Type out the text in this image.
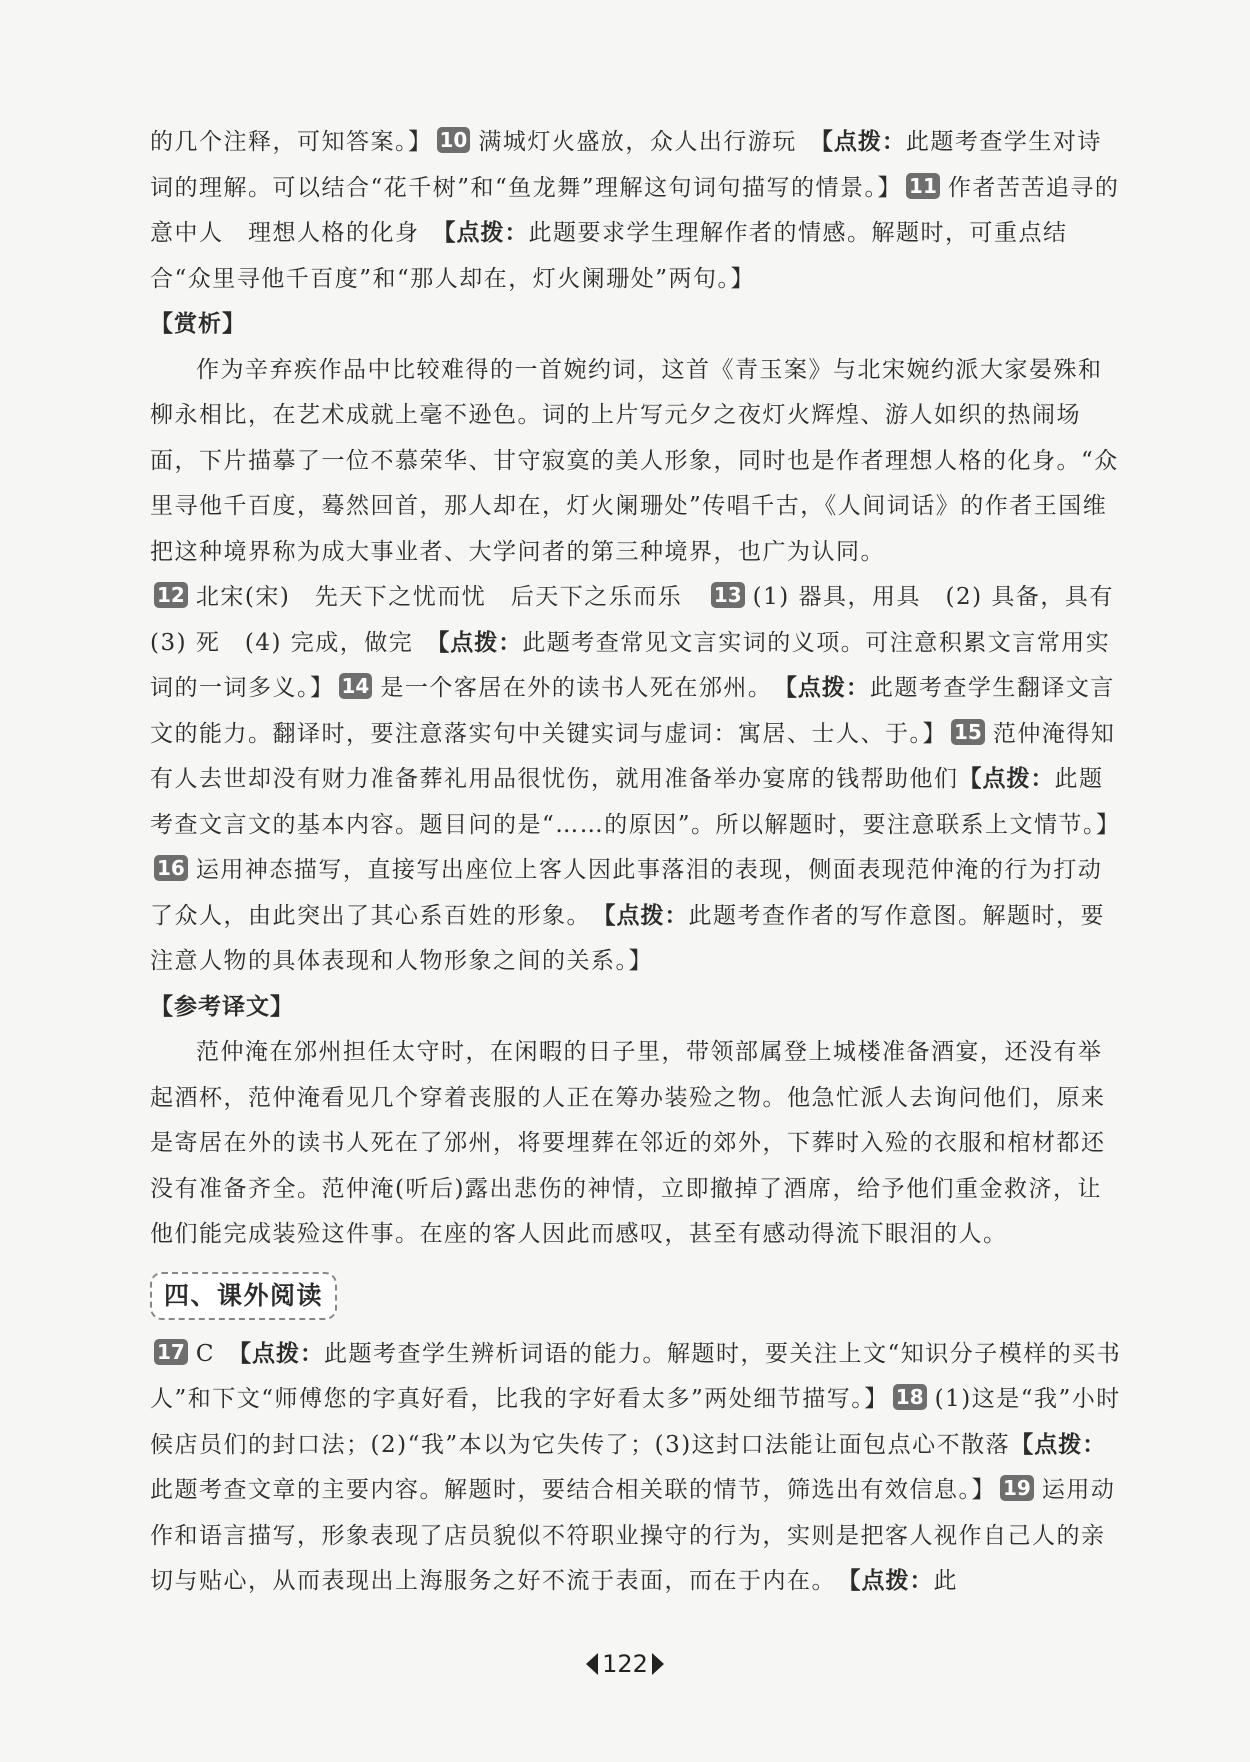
的几个注释，可知答案。】 10 满城灯火盛放，众人出行游玩　 【点拨：此题考查学生对诗词的理解。可以结合“花千树”和“鱼龙舞”理解这句词句描写的情景。】 11 作者苦苦追寻的意中人　理想人格的化身　 【点拨：此题要求学生理解作者的情感。解题时，可重点结合“众里寻他千百度”和“那人却在，灯火阑珊处”两句。】

【赏析】

作为辛弃疾作品中比较难得的一首婉约词，这首《青玉案》与北宋婉约派大家晏殊和柳永相比，在艺术成就上毫不逊色。词的上片写元夕之夜灯火辉煌、游人如织的热闹场面，下片描摹了一位不慕荣华、甘守寂寞的美人形象，同时也是作者理想人格的化身。“众里寻他千百度，蓦然回首，那人却在，灯火阑珊处”传唱千古，《人间词话》的作者王国维把这种境界称为成大事业者、大学问者的第三种境界，也广为认同。

12 北宋(宋)　先天下之忧而忧　后天下之乐而乐　 13 (1) 器具，用具　(2) 具备，具有　(3) 死　(4) 完成，做完　 【点拨：此题考查常见文言实词的义项。可注意积累文言常用实词的一词多义。】 14 是一个客居在外的读书人死在邠州。　 【点拨：此题考查学生翻译文言文的能力。翻译时，要注意落实句中关键实词与虚词：寓居、士人、于。】 15 范仲淹得知有人去世却没有财力准备葬礼用品很忧伤，就用准备举办宴席的钱帮助他们【点拨：此题考查文言文的基本内容。题目问的是“……的原因”。所以解题时，要注意联系上文情节。】16 运用神态描写，直接写出座位上客人因此事落泪的表现，侧面表现范仲淹的行为打动了众人，由此突出了其心系百姓的形象。　 【点拨：此题考查作者的写作意图。解题时，要注意人物的具体表现和人物形象之间的关系。】

【参考译文】

范仲淹在邠州担任太守时，在闲暇的日子里，带领部属登上城楼准备酒宴，还没有举起酒杯，范仲淹看见几个穿着丧服的人正在筹办装殓之物。他急忙派人去询问他们，原来是寄居在外的读书人死在了邠州，将要埋葬在邻近的郊外，下葬时入殓的衣服和棺材都还没有准备齐全。范仲淹(听后)露出悲伤的神情，立即撤掉了酒席，给予他们重金救济，让他们能完成装殓这件事。在座的客人因此而感叹，甚至有感动得流下眼泪的人。

四、课外阅读

17 C　 【点拨：此题考查学生辨析词语的能力。解题时，要关注上文“知识分子模样的买书人”和下文“师傅您的字真好看，比我的字好看太多”两处细节描写。】 18 (1)这是“我”小时候店员们的封口法；(2)“我”本以为它失传了；(3)这封口法能让面包点心不散落【点拨：此题考查文章的主要内容。解题时，要结合相关联的情节，筛选出有效信息。】 19 运用动作和语言描写，形象表现了店员貌似不符职业操守的行为，实则是把客人视作自己人的亲切与贴心，从而表现出上海服务之好不流于表面，而在于内在。　 【点拨：此

122
